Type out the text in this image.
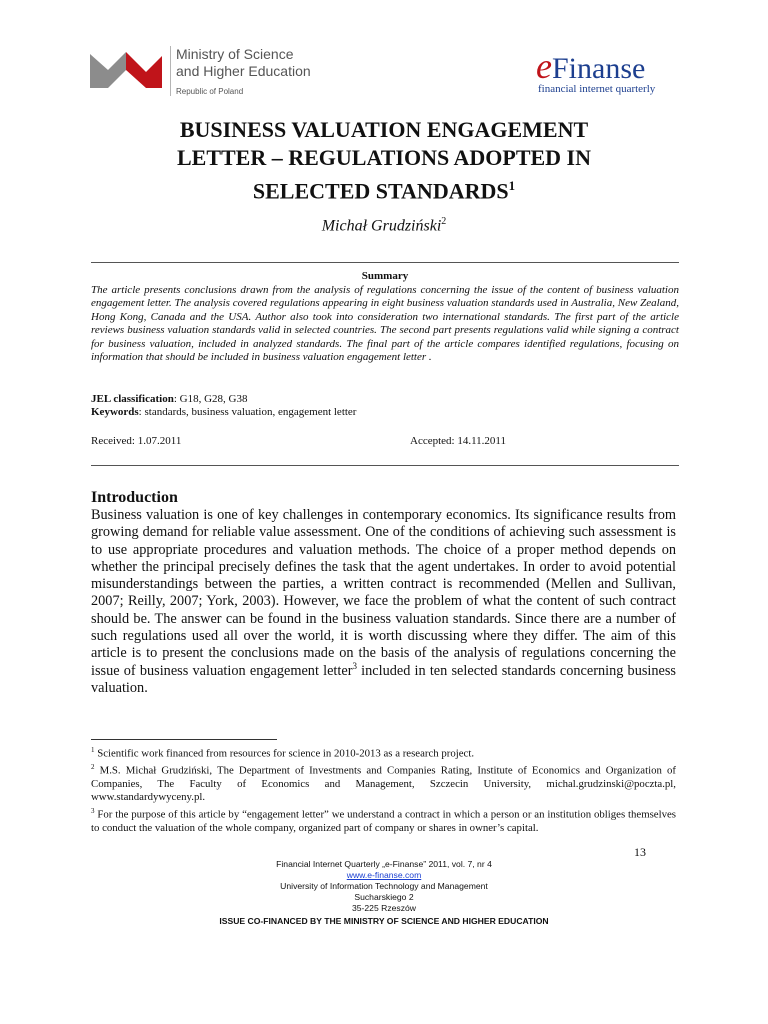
Ministry of Science
and Higher Education
Republic of Poland
eFinanse
financial internet quarterly
BUSINESS VALUATION ENGAGEMENT
LETTER – REGULATIONS ADOPTED IN
SELECTED STANDARDS$^1$
Michał Grudziński$^2$
Summary
The article presents conclusions drawn from the analysis of regulations concerning the issue of the content of business valuation engagement letter. The analysis covered regulations appearing in eight business valuation standards used in Australia, New Zealand, Hong Kong, Canada and the USA. Author also took into consideration two international standards. The first part of the article reviews business valuation standards valid in selected countries. The second part presents regulations valid while signing a contract for business valuation, included in analyzed standards. The final part of the article compares identified regulations, focusing on information that should be included in business valuation engagement letter .
JEL classification: G18, G28, G38
Keywords: standards, business valuation, engagement letter
Received: 1.07.2011	Accepted: 14.11.2011
Introduction
Business valuation is one of key challenges in contemporary economics. Its significance results from growing demand for reliable value assessment. One of the conditions of achieving such assessment is to use appropriate procedures and valuation methods. The choice of a proper method depends on whether the principal precisely defines the task that the agent undertakes. In order to avoid potential misunderstandings between the parties, a written contract is recommended (Mellen and Sullivan, 2007; Reilly, 2007; York, 2003). However, we face the problem of what the content of such contract should be. The answer can be found in the business valuation standards. Since there are a number of such regulations used all over the world, it is worth discussing where they differ. The aim of this article is to present the conclusions made on the basis of the analysis of regulations concerning the issue of business valuation engagement letter$^3$ included in ten selected standards concerning business valuation.

$^1$ Scientific work financed from resources for science in 2010-2013 as a research project.

$^2$ M.S. Michał Grudziński, The Department of Investments and Companies Rating, Institute of Economics and Organization of Companies, The Faculty of Economics and Management, Szczecin University, michal.grudzinski@poczta.pl, www.standardywyceny.pl.

$^3$ For the purpose of this article by “engagement letter” we understand a contract in which a person or an institution obliges themselves to conduct the valuation of the whole company, organized part of company or shares in owner’s capital.

13
Financial Internet Quarterly „e-Finanse” 2011, vol. 7, nr 4
www.e-finanse.com
University of Information Technology and Management
Sucharskiego 2
35-225 Rzeszów
ISSUE CO-FINANCED BY THE MINISTRY OF SCIENCE AND HIGHER EDUCATION
